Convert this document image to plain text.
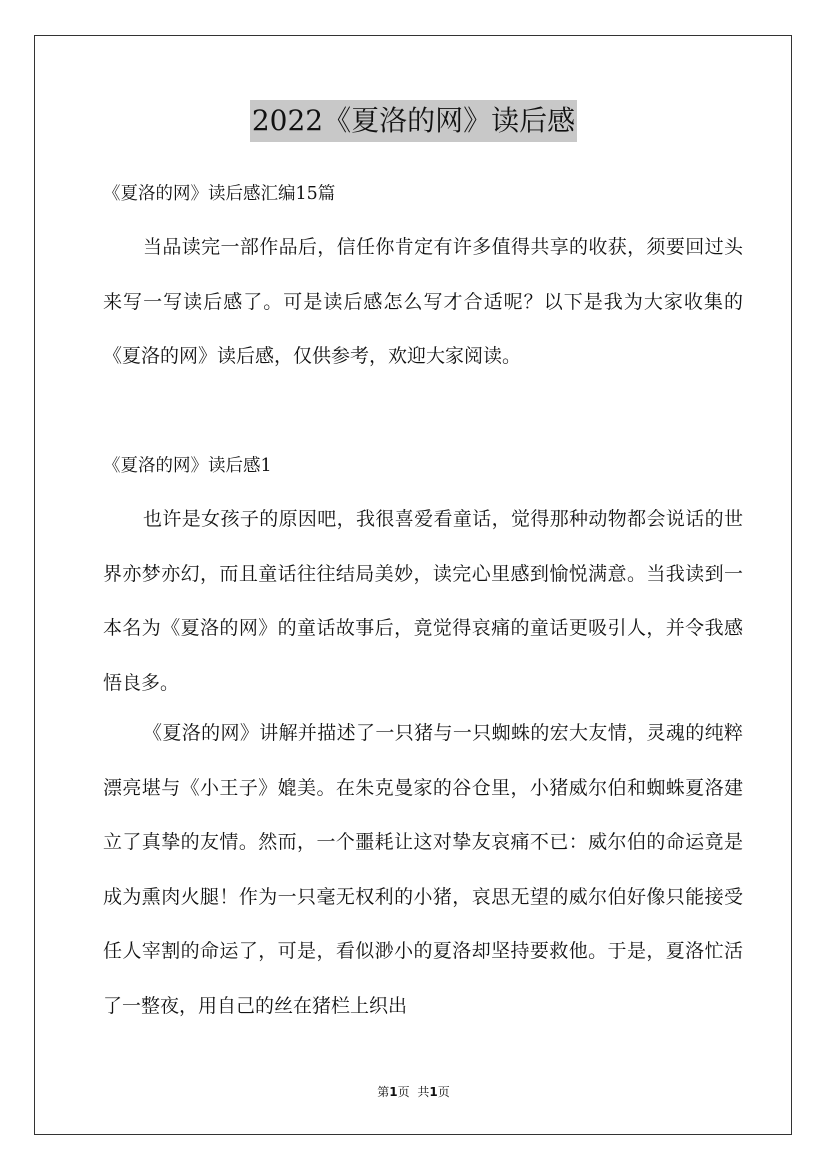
2022《夏洛的网》读后感
《夏洛的网》读后感汇编15篇

当品读完一部作品后，信任你肯定有许多值得共享的收获，须要回过头来写一写读后感了。可是读后感怎么写才合适呢？以下是我为大家收集的《夏洛的网》读后感，仅供参考，欢迎大家阅读。

《夏洛的网》读后感1

也许是女孩子的原因吧，我很喜爱看童话，觉得那种动物都会说话的世界亦梦亦幻，而且童话往往结局美妙，读完心里感到愉悦满意。当我读到一本名为《夏洛的网》的童话故事后，竟觉得哀痛的童话更吸引人，并令我感悟良多。

《夏洛的网》讲解并描述了一只猪与一只蜘蛛的宏大友情，灵魂的纯粹漂亮堪与《小王子》媲美。在朱克曼家的谷仓里，小猪威尔伯和蜘蛛夏洛建立了真挚的友情。然而，一个噩耗让这对挚友哀痛不已：威尔伯的命运竟是成为熏肉火腿！作为一只毫无权利的小猪，哀思无望的威尔伯好像只能接受任人宰割的命运了，可是，看似渺小的夏洛却坚持要救他。于是，夏洛忙活了一整夜，用自己的丝在猪栏上织出

第1页 共1页
